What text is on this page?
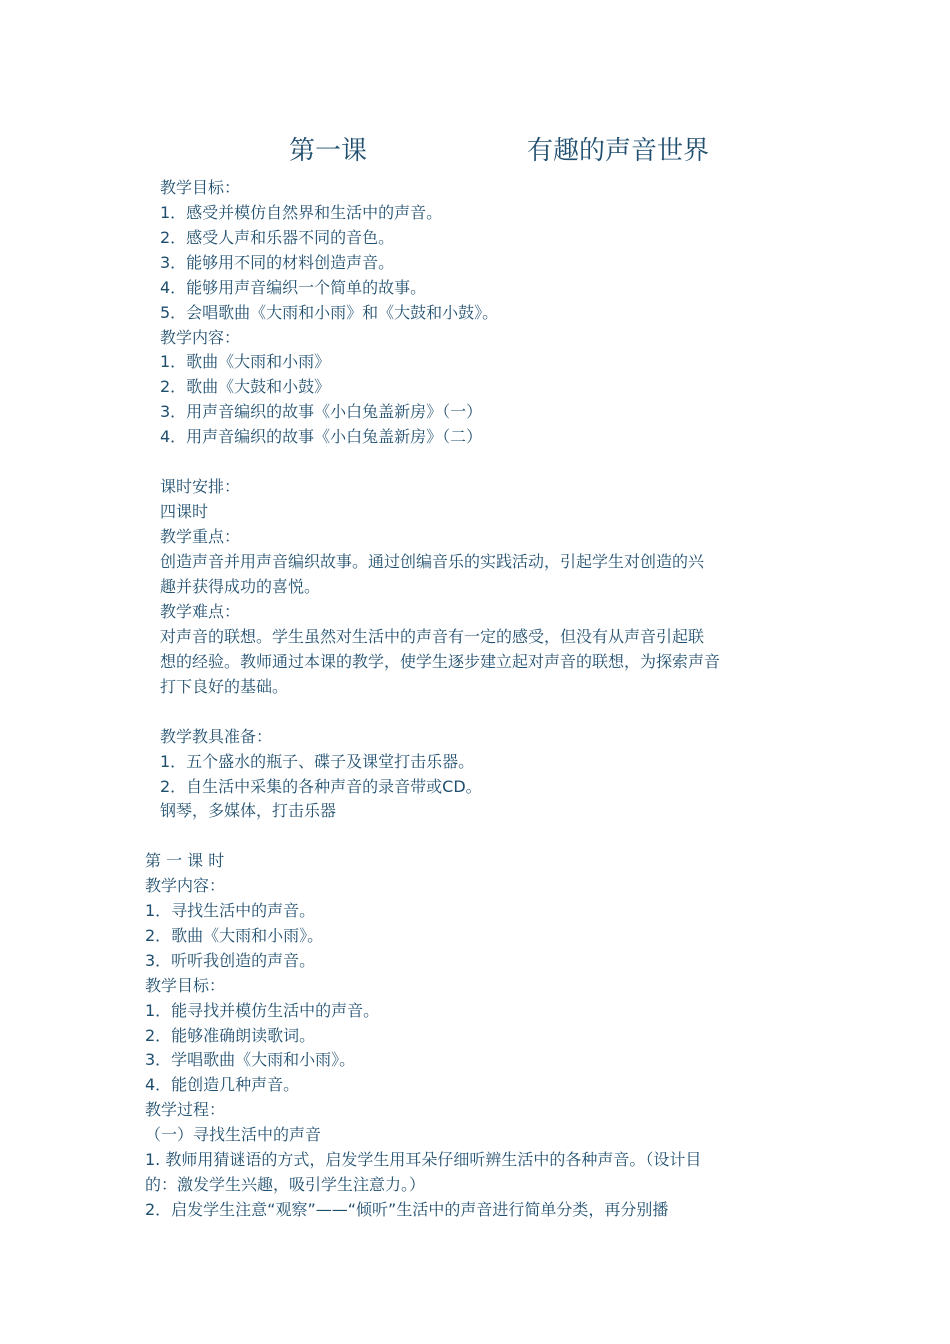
第一课	有趣的声音世界
教学目标：
1．感受并模仿自然界和生活中的声音。
2．感受人声和乐器不同的音色。
3．能够用不同的材料创造声音。
4．能够用声音编织一个简单的故事。
5．会唱歌曲《大雨和小雨》和《大鼓和小鼓》。
教学内容：
1．歌曲《大雨和小雨》
2．歌曲《大鼓和小鼓》
3．用声音编织的故事《小白兔盖新房》（一）
4．用声音编织的故事《小白兔盖新房》（二）
课时安排：
四课时
教学重点：
创造声音并用声音编织故事。通过创编音乐的实践活动，引起学生对创造的兴
趣并获得成功的喜悦。
教学难点：
对声音的联想。学生虽然对生活中的声音有一定的感受，但没有从声音引起联
想的经验。教师通过本课的教学，使学生逐步建立起对声音的联想，为探索声音
打下良好的基础。
教学教具准备：
1．五个盛水的瓶子、碟子及课堂打击乐器。
2．自生活中采集的各种声音的录音带或CD。
钢琴，多媒体，打击乐器
第 一 课 时
教学内容：
1．寻找生活中的声音。
2．歌曲《大雨和小雨》。
3．听听我创造的声音。
教学目标：
1．能寻找并模仿生活中的声音。
2．能够准确朗读歌词。
3．学唱歌曲《大雨和小雨》。
4．能创造几种声音。
教学过程：
（一）寻找生活中的声音
1. 教师用猜谜语的方式，启发学生用耳朵仔细听辨生活中的各种声音。（设计目
的：激发学生兴趣，吸引学生注意力。）
2．启发学生注意“观察”——“倾听”生活中的声音进行简单分类，再分别播
